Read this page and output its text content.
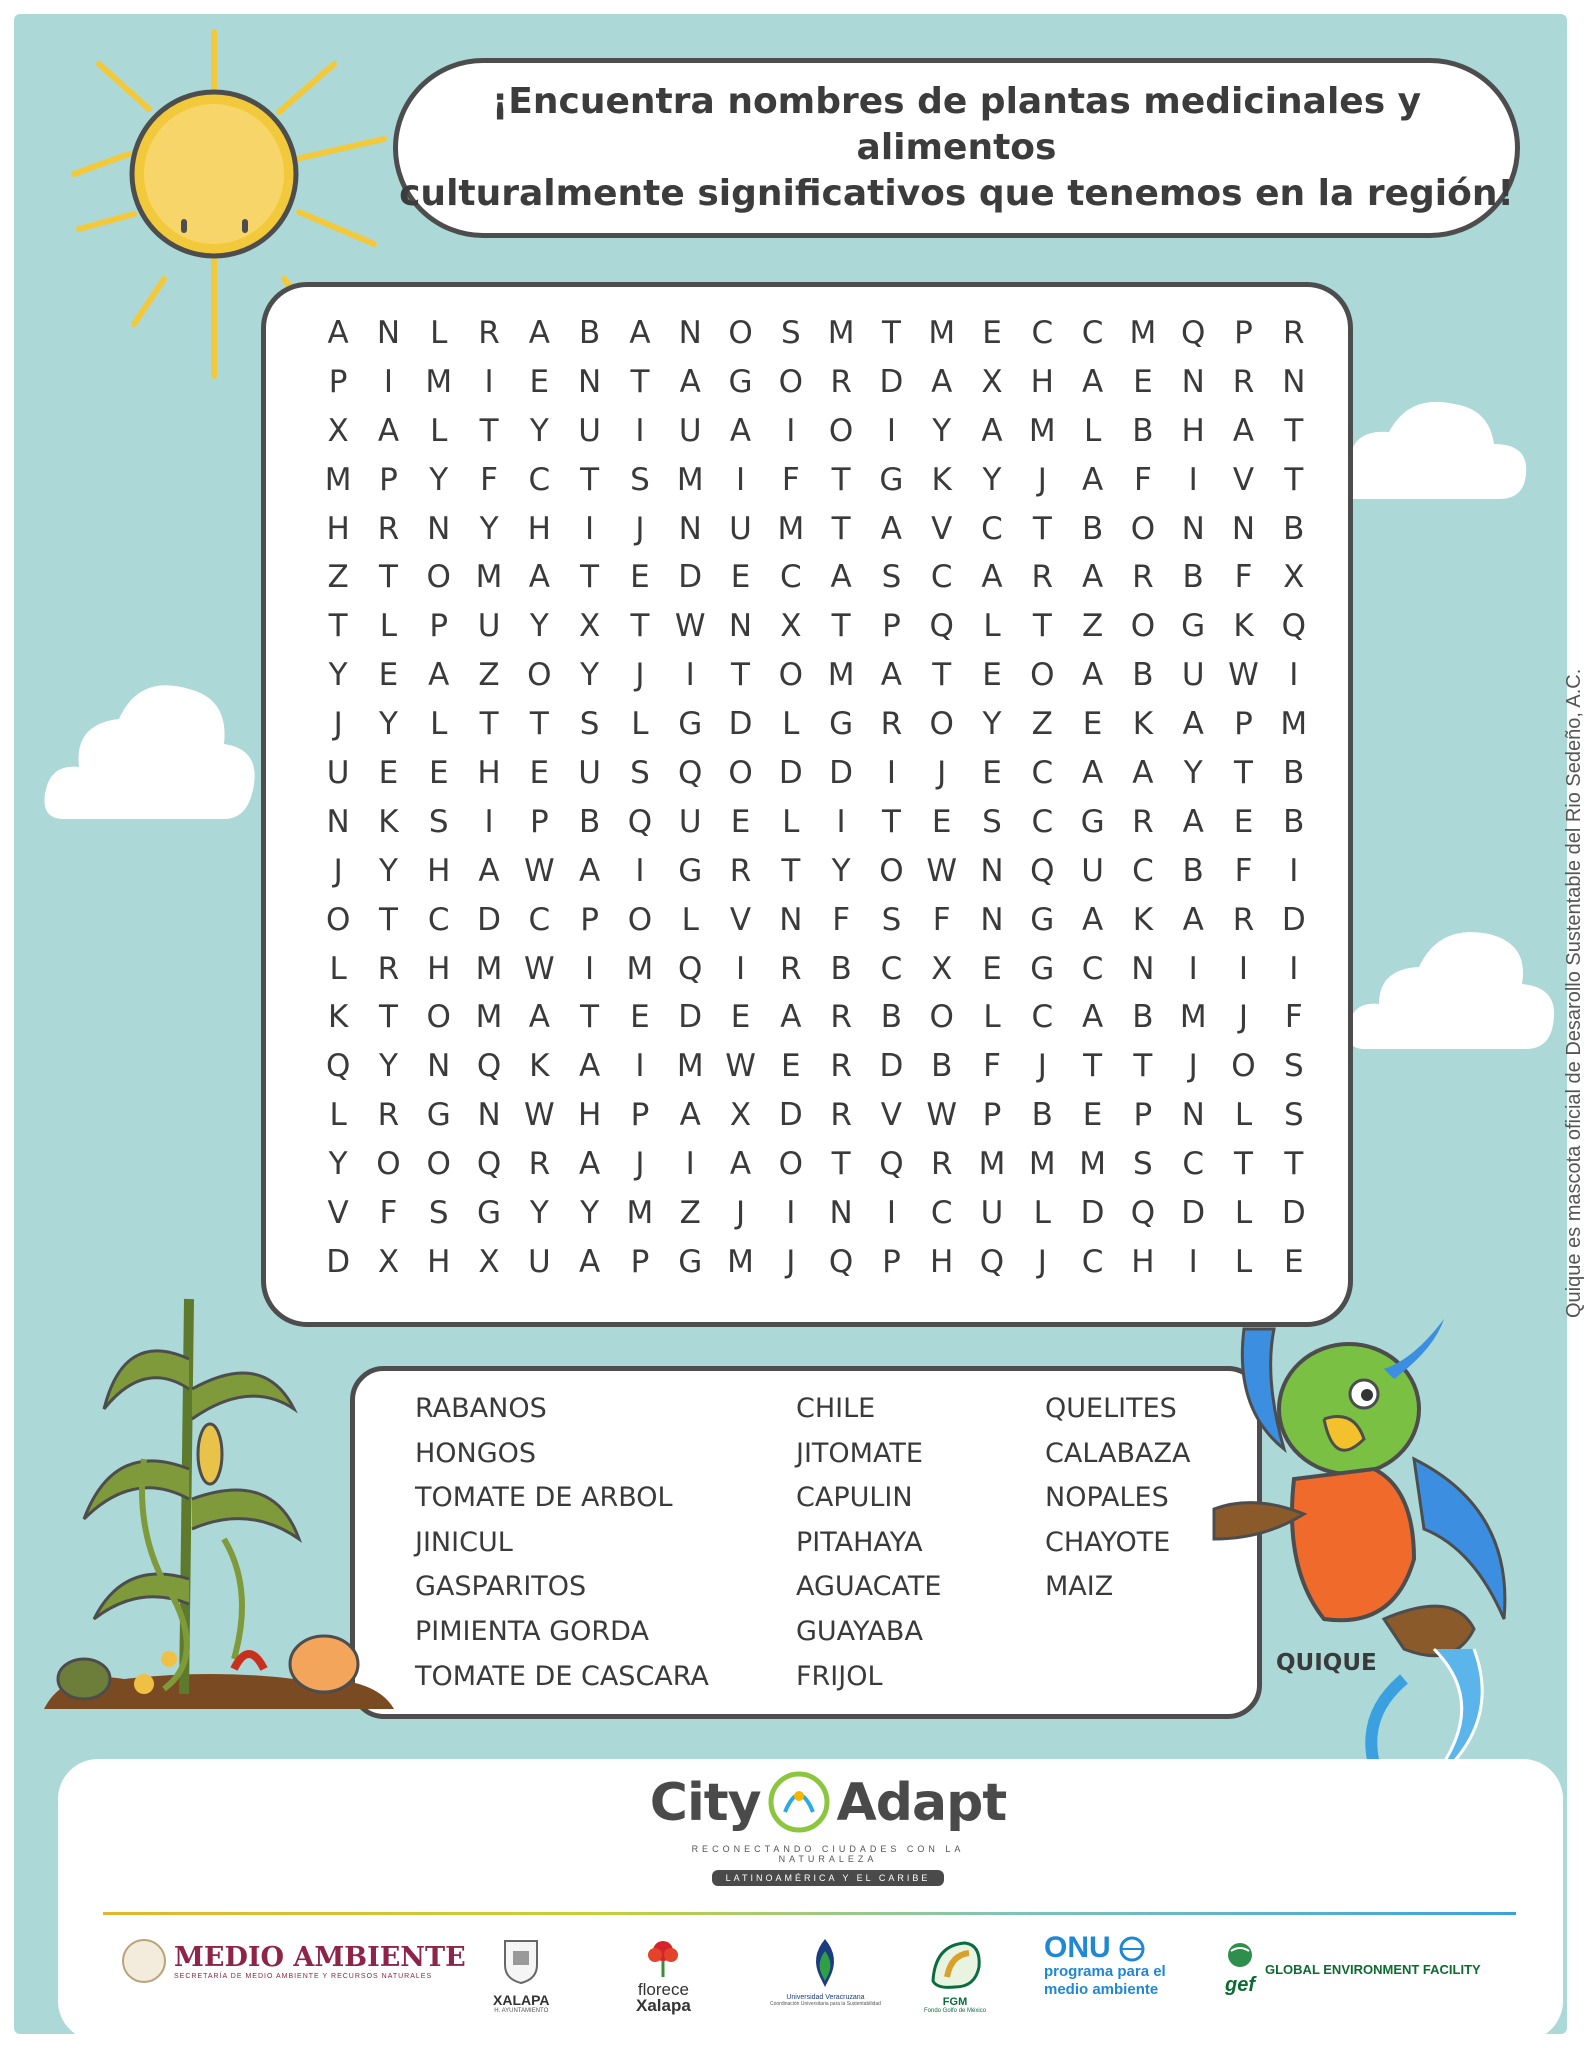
¡Encuentra nombres de plantas medicinales y alimentos
culturalmente significativos que tenemos en la región!
A N L R A B A N O S M T M E C C M Q P R
P	I	M	I	E N T A G O R D A X H A E N R N
X A	L	T	Y U	I	U A	I	O	I	Y A M L	B H A T
M P	Y	F C T S M	I	F	T G K Y	J	A F	I	V T
H R N Y H	I	J	N U M T A V C T B O N N B
Z T O M A T	E D E C A S C A R A R B F X
T	L	P U Y X T W N X T	P Q L	T Z O G K Q
Y	E A Z O Y	J	I	T O M A T	E O A B U W I
J	Y	L	T	T S	L G D L G R O Y Z E K A P M
U E E H E U S Q O D D	I	J	E C A A Y	T B
N K S	I	P B Q U E	L	I	T	E S C G R A E B
J	Y H A W A	I	G R T	Y O W N Q U C B F	I
O T C D C P O L	V N F	S	F N G A K A R D
L R H M W I	M Q	I	R B C X E G C N	I	I	I
K T O M A T	E D E A R B O L C A B M	J	F
Q Y N Q K A	I	M W E R D B F	J	T	T	J	O S
L R G N W H P A X D R V W P B E	P N L	S
Y O O Q R A	J	I	A O T Q R M M M S C T	T
V F	S G Y	Y M Z	J	I	N	I	C U L D Q D L D
D X H X U A P G M	J	Q P H Q	J	C H	I	L	E
RABANOS
HONGOS
TOMATE DE ARBOL
JINICUL
GASPARITOS
PIMIENTA GORDA
TOMATE DE CASCARA
CHILE
JITOMATE
CAPULIN
PITAHAYA
AGUACATE
GUAYABA
FRIJOL
QUELITES
CALABAZA
NOPALES
CHAYOTE
MAIZ
Quique es mascota oficial de Desarollo Sustentable del Rio Sedeño, A.C.
QUIQUE
City Adapt
RECONECTANDO CIUDADES CON LA NATURALEZA
LATINOAMÉRICA Y EL CARIBE
MEDIO AMBIENTE
SECRETARÍA DE MEDIO AMBIENTE Y RECURSOS NATURALES
XALAPA
H. AYUNTAMIENTO
florece
Xalapa	Universidad Veracruzana
Coordinación Universitaria para la Sustentabilidad	FGM
Fondo Golfo de México
ONU
programa para el
medio ambiente	gef
GLOBAL ENVIRONMENT FACILITY
